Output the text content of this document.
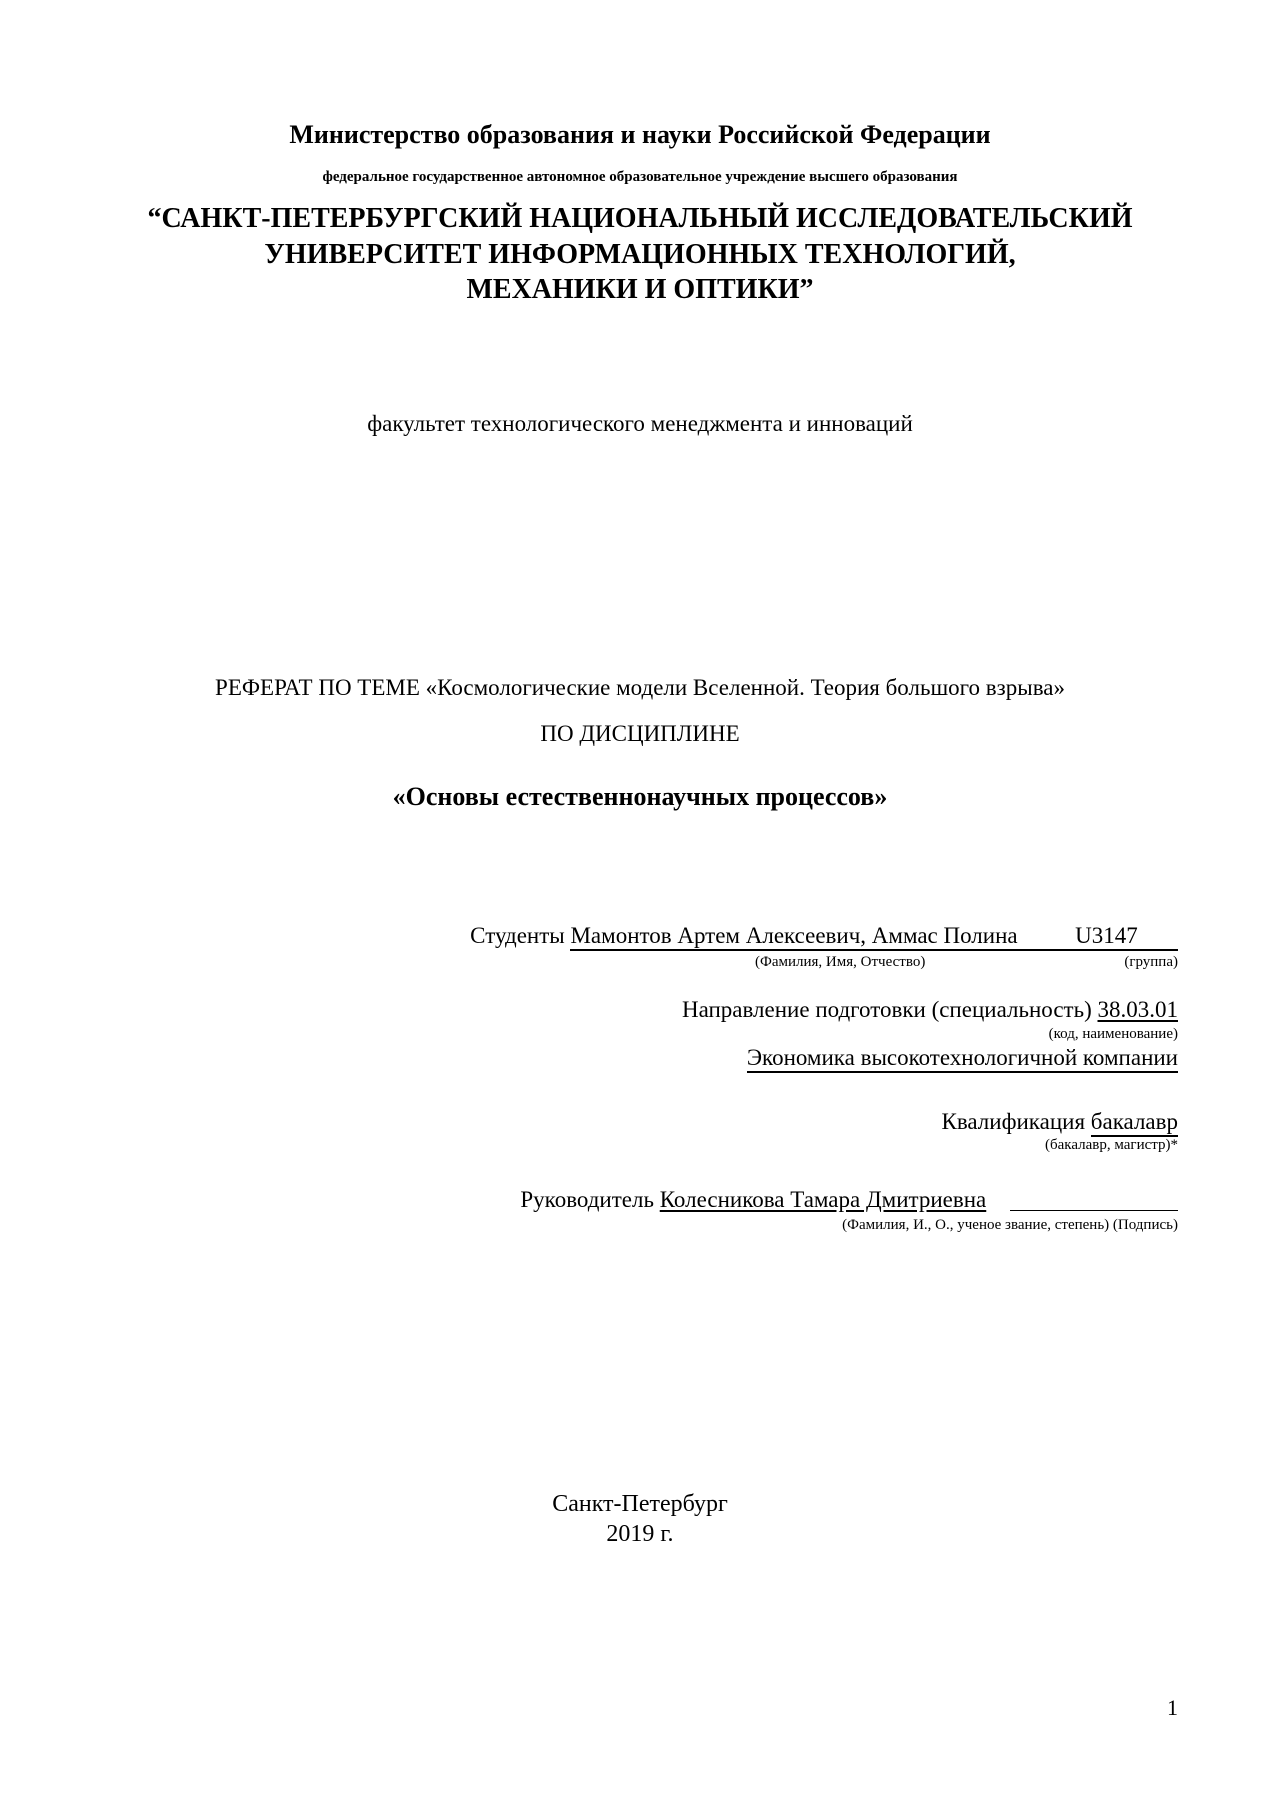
Министерство образования и науки Российской Федерации
федеральное государственное автономное образовательное учреждение высшего образования
“САНКТ-ПЕТЕРБУРГСКИЙ НАЦИОНАЛЬНЫЙ ИССЛЕДОВАТЕЛЬСКИЙ
УНИВЕРСИТЕТ ИНФОРМАЦИОННЫХ ТЕХНОЛОГИЙ,
МЕХАНИКИ И ОПТИКИ”
факультет технологического менеджмента и инноваций
РЕФЕРАТ ПО ТЕМЕ «Космологические модели Вселенной. Теория большого взрыва»
ПО ДИСЦИПЛИНЕ
«Основы естественнонаучных процессов»
Студенты Мамонтов Артем Алексеевич, Аммас Полина	U3147
(Фамилия, Имя, Отчество)	(группа)
Направление подготовки (специальность) 38.03.01
(код, наименование)
Экономика высокотехнологичной компании
Квалификация бакалавр
(бакалавр, магистр)*
Руководитель Колесникова Тамара Дмитриевна
(Фамилия, И., О., ученое звание, степень) (Подпись)
Санкт-Петербург
2019 г.
1
